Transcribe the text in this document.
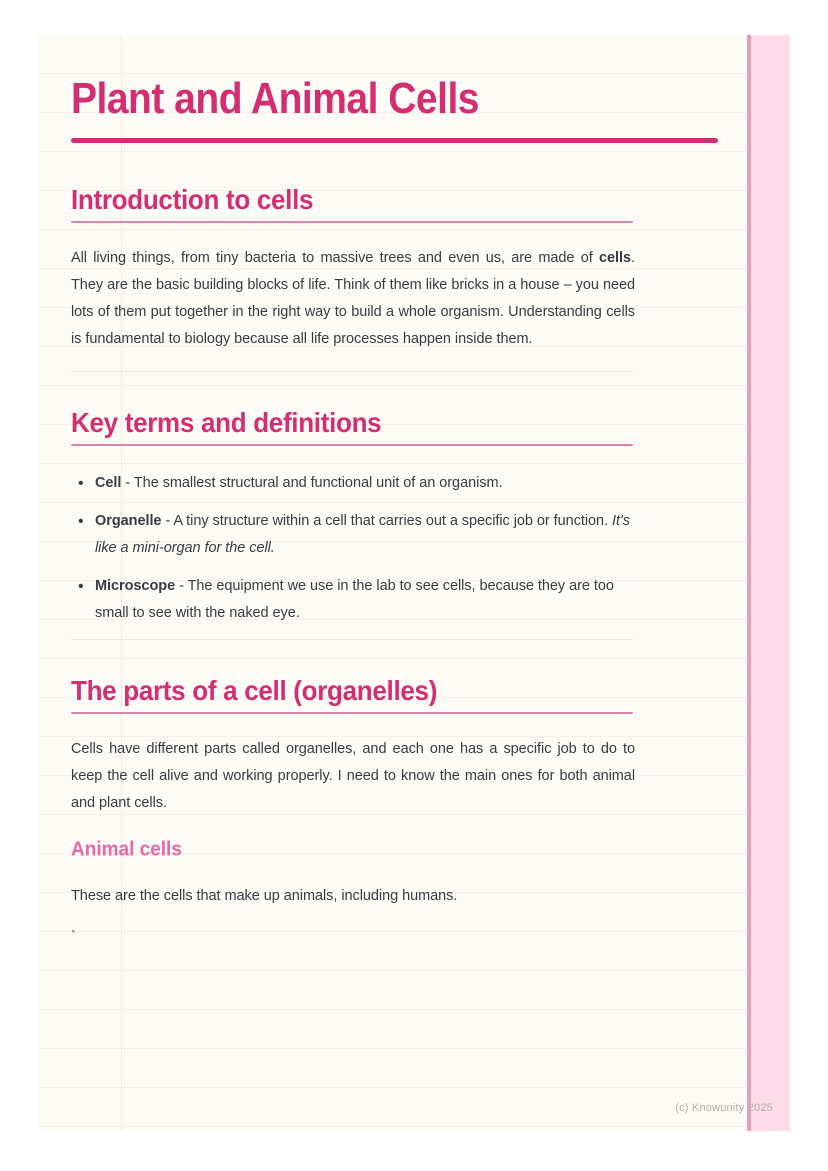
Plant and Animal Cells
Introduction to cells

All living things, from tiny bacteria to massive trees and even us, are made of cells. They are the basic building blocks of life. Think of them like bricks in a house – you need lots of them put together in the right way to build a whole organism. Understanding cells is fundamental to biology because all life processes happen inside them.

Key terms and definitions
• Cell - The smallest structural and functional unit of an organism.
• Organelle - A tiny structure within a cell that carries out a specific job or function. It's like a mini-organ for the cell.
• Microscope - The equipment we use in the lab to see cells, because they are too small to see with the naked eye.
The parts of a cell (organelles)

Cells have different parts called organelles, and each one has a specific job to do to keep the cell alive and working properly. I need to know the main ones for both animal and plant cells.

Animal cells

These are the cells that make up animals, including humans.

`
(c) Knowunity 2025
